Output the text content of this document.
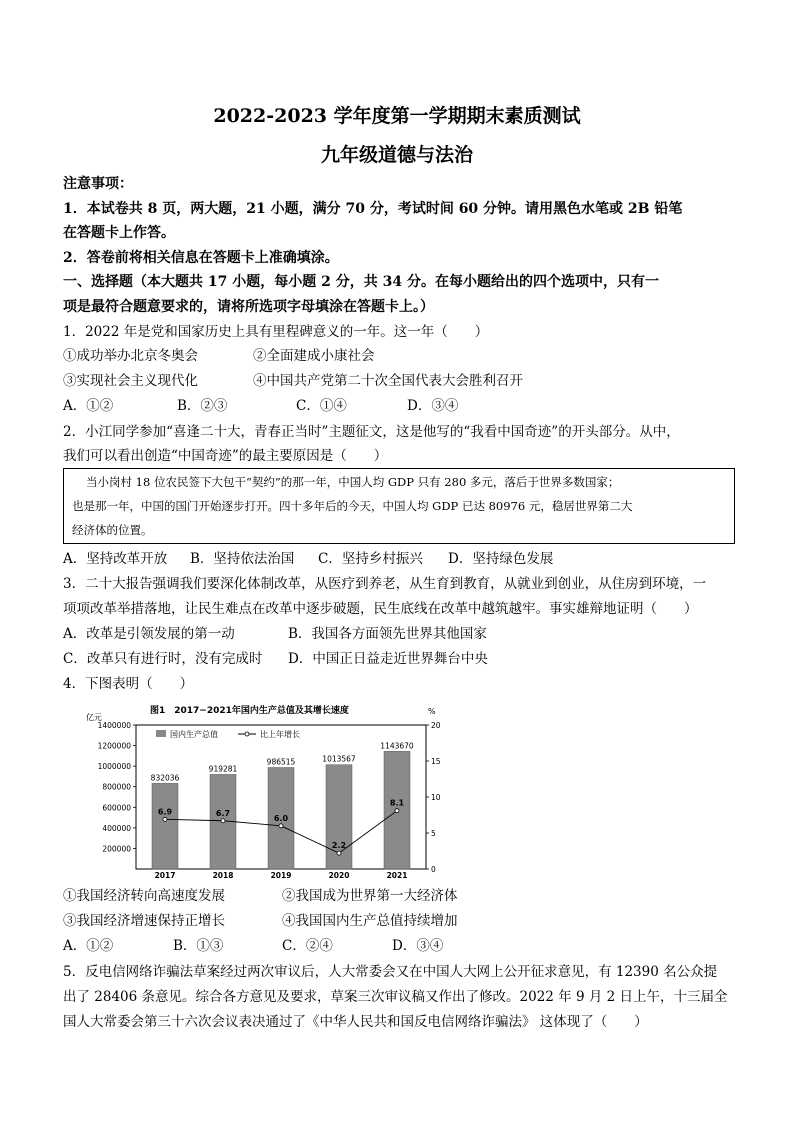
2022-2023 学年度第一学期期末素质测试
九年级道德与法治
注意事项：
1．本试卷共 8 页，两大题，21 小题，满分 70 分，考试时间 60 分钟。请用黑色水笔或 2B 铅笔
在答题卡上作答。
2．答卷前将相关信息在答题卡上准确填涂。
一、选择题（本大题共 17 小题，每小题 2 分，共 34 分。在每小题给出的四个选项中，只有一
项是最符合题意要求的，请将所选项字母填涂在答题卡上。）
1．2022 年是党和国家历史上具有里程碑意义的一年。这一年（　　）
①成功举办北京冬奥会	②全面建成小康社会
③实现社会主义现代化	④中国共产党第二十次全国代表大会胜利召开
A．①②	B．②③	C．①④	D．③④
2．小江同学参加“喜逢二十大，青春正当时”主题征文，这是他写的“我看中国奇迹”的开头部分。从中，
我们可以看出创造“中国奇迹”的最主要原因是（　　）
当小岗村 18 位农民签下大包干“契约”的那一年，中国人均 GDP 只有 280 多元，落后于世界多数国家；
也是那一年，中国的国门开始逐步打开。四十多年后的今天，中国人均 GDP 已达 80976 元，稳居世界第二大
经济体的位置。
A．坚持改革开放 B．坚持依法治国 C．坚持乡村振兴 D．坚持绿色发展
3．二十大报告强调我们要深化体制改革，从医疗到养老，从生育到教育，从就业到创业，从住房到环境，一
项项改革举措落地，让民生难点在改革中逐步破题，民生底线在改革中越筑越牢。事实雄辩地证明（　　）
A．改革是引领发展的第一动	B．我国各方面领先世界其他国家
C．改革只有进行时，没有完成时 D．中国正日益走近世界舞台中央
4．下图表明（　　）
图1　2017−2021年国内生产总值及其增长速度
亿元
%
国内生产总值	比上年增长
200000
400000
600000
800000
1000000
1200000
1400000
0
5
10
15
20
832036
2017
919281
2018
986515
2019
1013567
2020
1143670
2021
6.9	6.7
6.0
2.2
8.1
①我国经济转向高速度发展	②我国成为世界第一大经济体
③我国经济增速保持正增长	④我国国内生产总值持续增加
A．①②	B．①③	C．②④	D．③④
5．反电信网络诈骗法草案经过两次审议后，人大常委会又在中国人大网上公开征求意见，有 12390 名公众提
出了 28406 条意见。综合各方意见及要求，草案三次审议稿又作出了修改。2022 年 9 月 2 日上午，十三届全
国人大常委会第三十六次会议表决通过了《中华人民共和国反电信网络诈骗法》 这体现了（　　）
